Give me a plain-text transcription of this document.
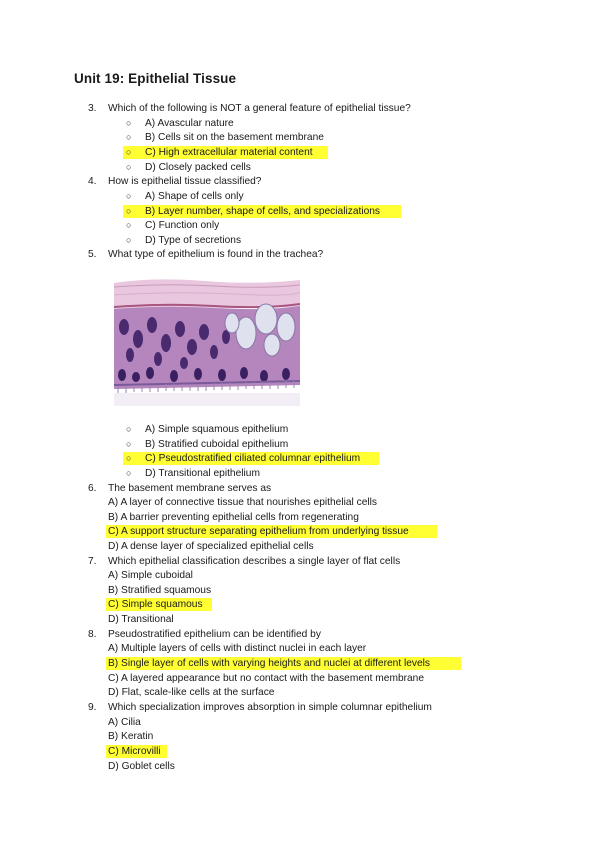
Unit 19: Epithelial Tissue
3. Which of the following is NOT a general feature of epithelial tissue?
○ A) Avascular nature
○ B) Cells sit on the basement membrane
○ C) High extracellular material content
○ D) Closely packed cells
4. How is epithelial tissue classified?
○ A) Shape of cells only
○ B) Layer number, shape of cells, and specializations
○ C) Function only
○ D) Type of secretions
5. What type of epithelium is found in the trachea?
○ A) Simple squamous epithelium
○ B) Stratified cuboidal epithelium
○ C) Pseudostratified ciliated columnar epithelium
○ D) Transitional epithelium
6. The basement membrane serves as
A) A layer of connective tissue that nourishes epithelial cells
B) A barrier preventing epithelial cells from regenerating
C) A support structure separating epithelium from underlying tissue
D) A dense layer of specialized epithelial cells
7. Which epithelial classification describes a single layer of flat cells
A) Simple cuboidal
B) Stratified squamous
C) Simple squamous
D) Transitional
8. Pseudostratified epithelium can be identified by
A) Multiple layers of cells with distinct nuclei in each layer
B) Single layer of cells with varying heights and nuclei at different levels
C) A layered appearance but no contact with the basement membrane
D) Flat, scale-like cells at the surface
9. Which specialization improves absorption in simple columnar epithelium
A) Cilia
B) Keratin
C) Microvilli
D) Goblet cells
